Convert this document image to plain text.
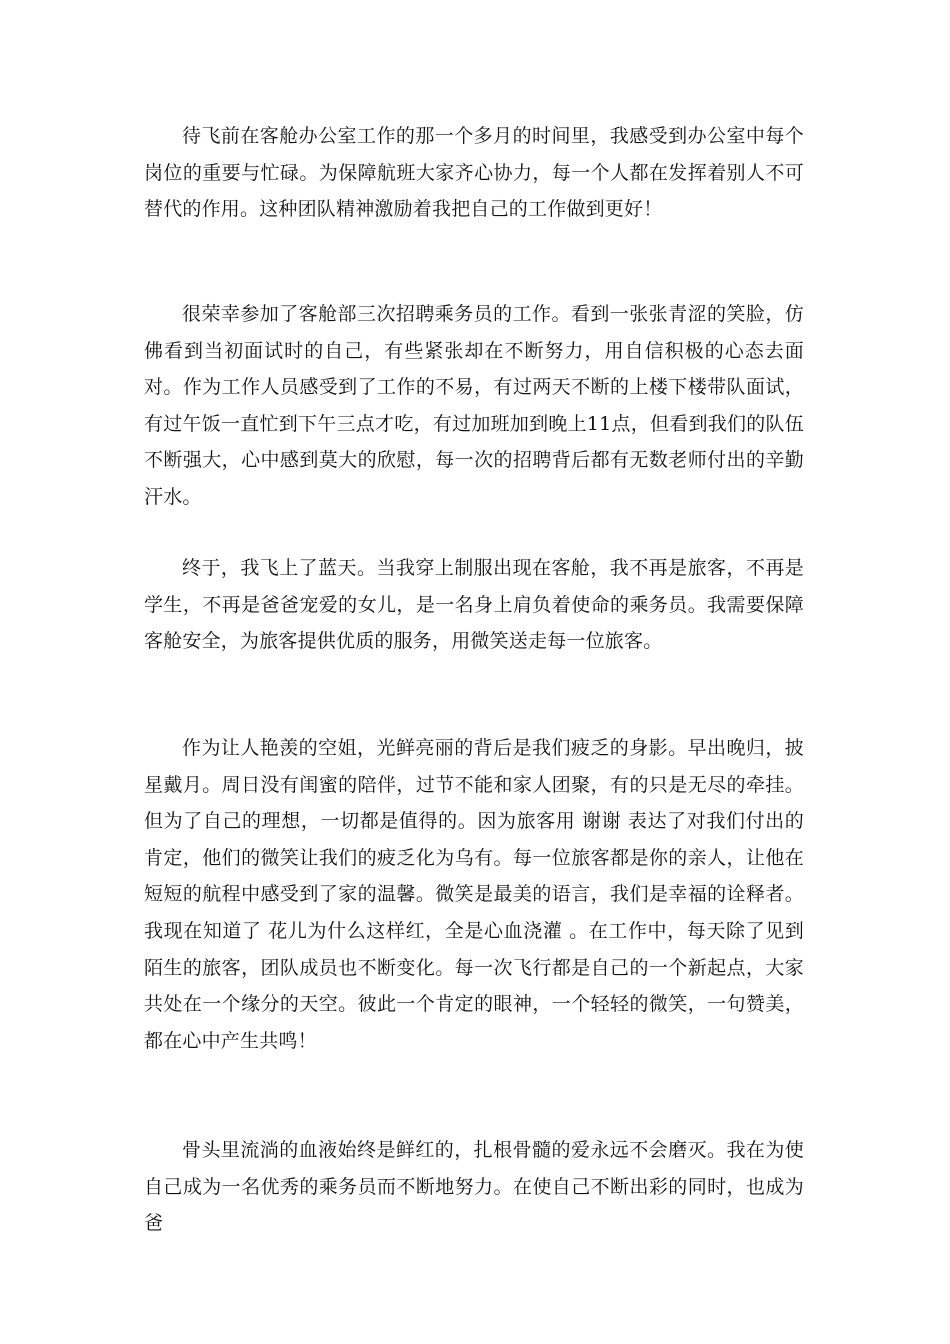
待飞前在客舱办公室工作的那一个多月的时间里，我感受到办公室中每个岗位的重要与忙碌。为保障航班大家齐心协力，每一个人都在发挥着别人不可替代的作用。这种团队精神激励着我把自己的工作做到更好！

很荣幸参加了客舱部三次招聘乘务员的工作。看到一张张青涩的笑脸，仿佛看到当初面试时的自己，有些紧张却在不断努力，用自信积极的心态去面对。作为工作人员感受到了工作的不易，有过两天不断的上楼下楼带队面试，有过午饭一直忙到下午三点才吃，有过加班加到晚上11点，但看到我们的队伍不断强大，心中感到莫大的欣慰，每一次的招聘背后都有无数老师付出的辛勤汗水。

终于，我飞上了蓝天。当我穿上制服出现在客舱，我不再是旅客，不再是学生，不再是爸爸宠爱的女儿，是一名身上肩负着使命的乘务员。我需要保障客舱安全，为旅客提供优质的服务，用微笑送走每一位旅客。

作为让人艳羡的空姐，光鲜亮丽的背后是我们疲乏的身影。早出晚归，披星戴月。周日没有闺蜜的陪伴，过节不能和家人团聚，有的只是无尽的牵挂。但为了自己的理想，一切都是值得的。因为旅客用 谢谢 表达了对我们付出的肯定，他们的微笑让我们的疲乏化为乌有。每一位旅客都是你的亲人，让他在短短的航程中感受到了家的温馨。微笑是最美的语言，我们是幸福的诠释者。我现在知道了 花儿为什么这样红，全是心血浇灌 。在工作中，每天除了见到陌生的旅客，团队成员也不断变化。每一次飞行都是自己的一个新起点，大家共处在一个缘分的天空。彼此一个肯定的眼神，一个轻轻的微笑，一句赞美，都在心中产生共鸣！

骨头里流淌的血液始终是鲜红的，扎根骨髓的爱永远不会磨灭。我在为使自己成为一名优秀的乘务员而不断地努力。在使自己不断出彩的同时，也成为爸
